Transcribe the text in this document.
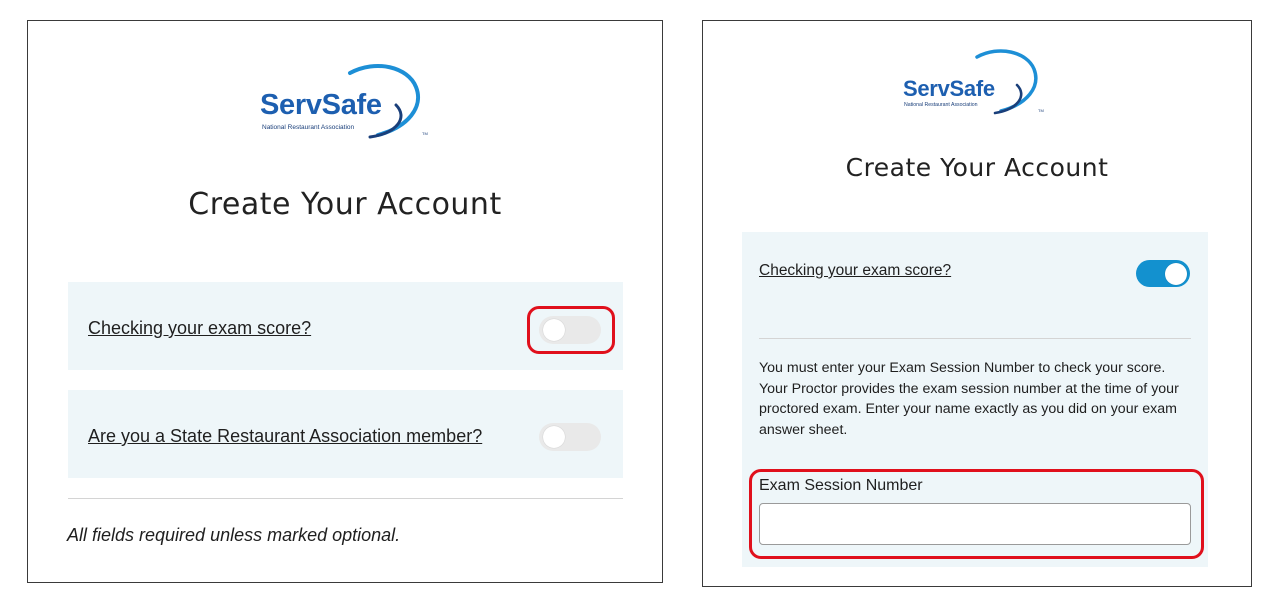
ServSafe
National Restaurant Association
TM
Create Your Account
Checking your exam score?
Are you a State Restaurant Association member?
All fields required unless marked optional.
ServSafe
National Restaurant Association
TM
Create Your Account
Checking your exam score?
You must enter your Exam Session Number to check your score. Your Proctor provides the exam session number at the time of your proctored exam. Enter your name exactly as you did on your exam answer sheet.
Exam Session Number
